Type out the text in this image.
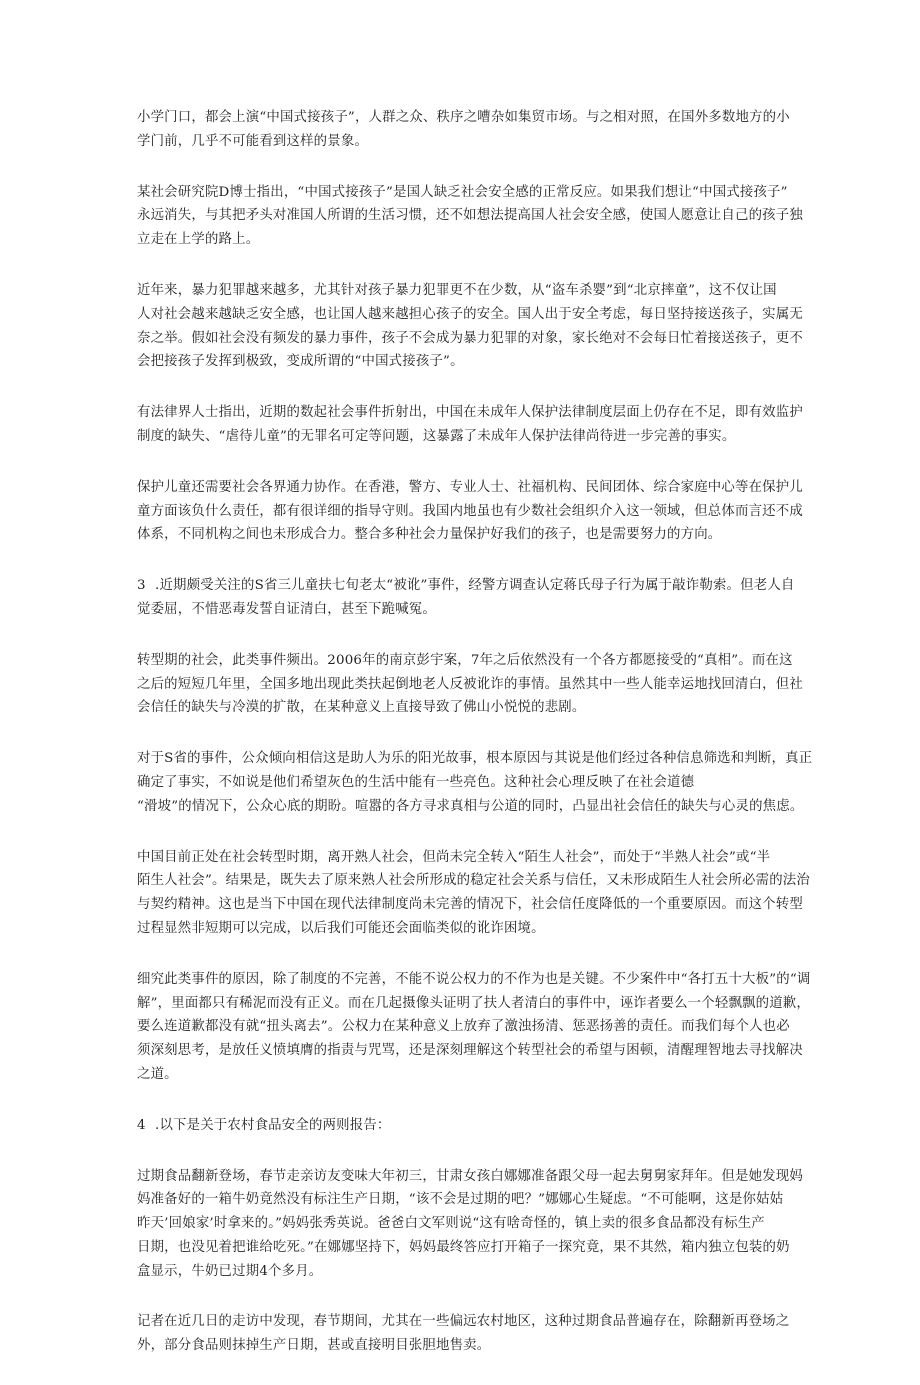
小学门口，都会上演“中国式接孩子”，人群之众、秩序之嘈杂如集贸市场。与之相对照，在国外多数地方的小
学门前，几乎不可能看到这样的景象。

某社会研究院D博士指出，“中国式接孩子”是国人缺乏社会安全感的正常反应。如果我们想让“中国式接孩子”
永远消失，与其把矛头对准国人所谓的生活习惯，还不如想法提高国人社会安全感，使国人愿意让自己的孩子独
立走在上学的路上。

近年来，暴力犯罪越来越多，尤其针对孩子暴力犯罪更不在少数，从“盗车杀婴”到“北京摔童”，这不仅让国
人对社会越来越缺乏安全感，也让国人越来越担心孩子的安全。国人出于安全考虑，每日坚持接送孩子，实属无
奈之举。假如社会没有频发的暴力事件，孩子不会成为暴力犯罪的对象，家长绝对不会每日忙着接送孩子，更不
会把接孩子发挥到极致，变成所谓的“中国式接孩子”。

有法律界人士指出，近期的数起社会事件折射出，中国在未成年人保护法律制度层面上仍存在不足，即有效监护
制度的缺失、“虐待儿童”的无罪名可定等问题，这暴露了未成年人保护法律尚待进一步完善的事实。

保护儿童还需要社会各界通力协作。在香港，警方、专业人士、社福机构、民间团体、综合家庭中心等在保护儿
童方面该负什么责任，都有很详细的指导守则。我国内地虽也有少数社会组织介入这一领域，但总体而言还不成
体系，不同机构之间也未形成合力。整合多种社会力量保护好我们的孩子，也是需要努力的方向。

3 .近期颇受关注的S省三儿童扶七旬老太“被讹”事件，经警方调查认定蒋氏母子行为属于敲诈勒索。但老人自
觉委屈，不惜恶毒发誓自证清白，甚至下跪喊冤。

转型期的社会，此类事件频出。2006年的南京彭宇案，7年之后依然没有一个各方都愿接受的“真相”。而在这
之后的短短几年里，全国多地出现此类扶起倒地老人反被讹诈的事情。虽然其中一些人能幸运地找回清白，但社
会信任的缺失与冷漠的扩散，在某种意义上直接导致了佛山小悦悦的悲剧。

对于S省的事件，公众倾向相信这是助人为乐的阳光故事，根本原因与其说是他们经过各种信息筛选和判断，真正
确定了事实，不如说是他们希望灰色的生活中能有一些亮色。这种社会心理反映了在社会道德
“滑坡”的情况下，公众心底的期盼。喧嚣的各方寻求真相与公道的同时，凸显出社会信任的缺失与心灵的焦虑。

中国目前正处在社会转型时期，离开熟人社会，但尚未完全转入“陌生人社会”，而处于“半熟人社会”或“半
陌生人社会”。结果是，既失去了原来熟人社会所形成的稳定社会关系与信任，又未形成陌生人社会所必需的法治
与契约精神。这也是当下中国在现代法律制度尚未完善的情况下，社会信任度降低的一个重要原因。而这个转型
过程显然非短期可以完成，以后我们可能还会面临类似的讹诈困境。

细究此类事件的原因，除了制度的不完善，不能不说公权力的不作为也是关键。不少案件中“各打五十大板”的“调
解”，里面都只有稀泥而没有正义。而在几起摄像头证明了扶人者清白的事件中，诬诈者要么一个轻飘飘的道歉，
要么连道歉都没有就“扭头离去”。公权力在某种意义上放弃了激浊扬清、惩恶扬善的责任。而我们每个人也必
须深刻思考，是放任义愤填膺的指责与咒骂，还是深刻理解这个转型社会的希望与困顿，清醒理智地去寻找解决
之道。

4 .以下是关于农村食品安全的两则报告：

过期食品翻新登场，春节走亲访友变味大年初三，甘肃女孩白娜娜准备跟父母一起去舅舅家拜年。但是她发现妈
妈准备好的一箱牛奶竟然没有标注生产日期，“该不会是过期的吧？”娜娜心生疑虑。“不可能啊，这是你姑姑
昨天’回娘家’时拿来的。”妈妈张秀英说。爸爸白文军则说“这有啥奇怪的，镇上卖的很多食品都没有标生产
日期，也没见着把谁给吃死。”在娜娜坚持下，妈妈最终答应打开箱子一探究竟，果不其然，箱内独立包装的奶
盒显示，牛奶已过期4个多月。

记者在近几日的走访中发现，春节期间，尤其在一些偏远农村地区，这种过期食品普遍存在，除翻新再登场之
外，部分食品则抹掉生产日期，甚或直接明目张胆地售卖。
